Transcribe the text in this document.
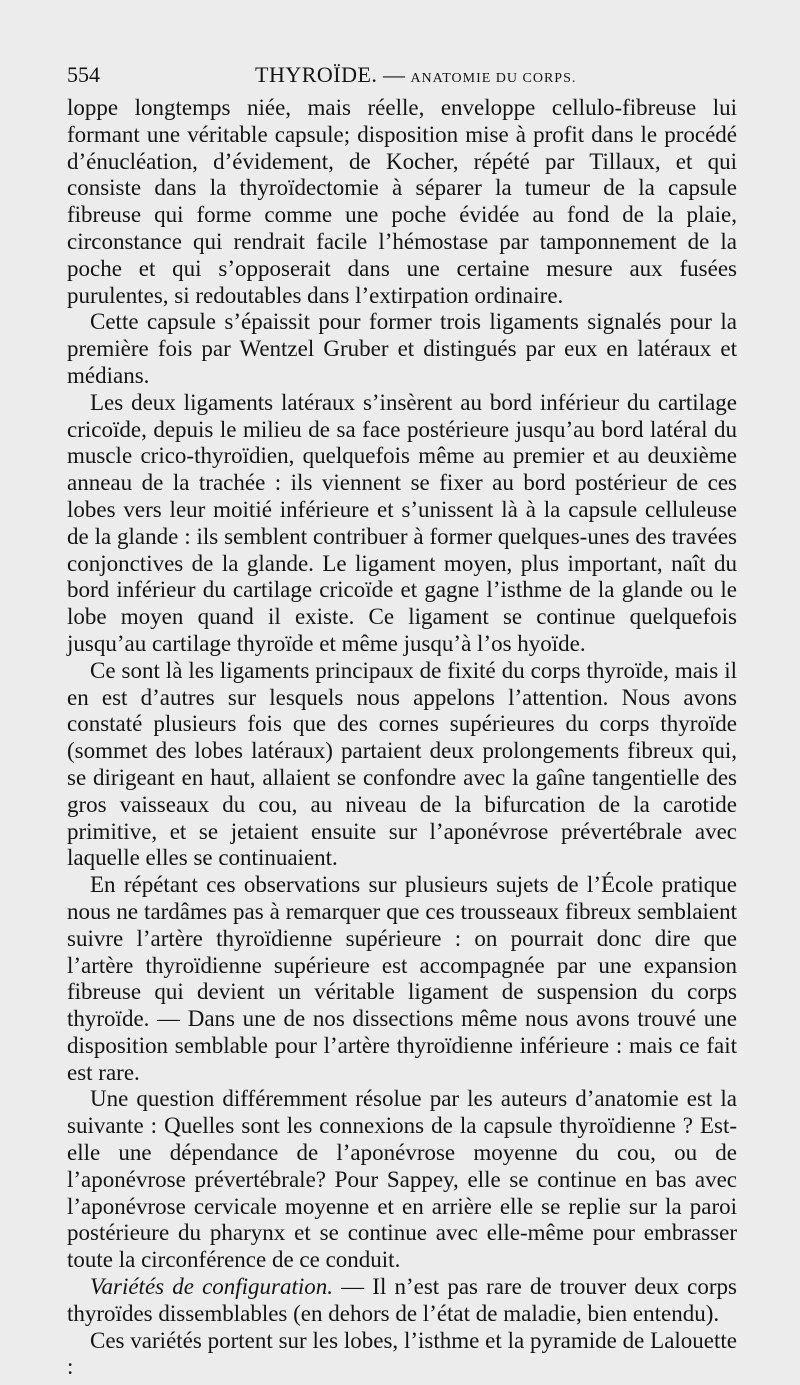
554	THYROÏDE. — ANATOMIE DU CORPS.

loppe longtemps niée, mais réelle, enveloppe cellulo-fibreuse lui formant une véritable capsule; disposition mise à profit dans le procédé d’énucléation, d’évidement, de Kocher, répété par Tillaux, et qui consiste dans la thyroïdectomie à séparer la tumeur de la capsule fibreuse qui forme comme une poche évidée au fond de la plaie, circonstance qui rendrait facile l’hémostase par tamponnement de la poche et qui s’opposerait dans une certaine mesure aux fusées purulentes, si redoutables dans l’extirpation ordinaire.

Cette capsule s’épaissit pour former trois ligaments signalés pour la première fois par Wentzel Gruber et distingués par eux en latéraux et médians.

Les deux ligaments latéraux s’insèrent au bord inférieur du cartilage cricoïde, depuis le milieu de sa face postérieure jusqu’au bord latéral du muscle crico-thyroïdien, quelquefois même au premier et au deuxième anneau de la trachée : ils viennent se fixer au bord postérieur de ces lobes vers leur moitié inférieure et s’unissent là à la capsule celluleuse de la glande : ils semblent contribuer à former quelques-unes des travées conjonctives de la glande. Le ligament moyen, plus important, naît du bord inférieur du cartilage cricoïde et gagne l’isthme de la glande ou le lobe moyen quand il existe. Ce ligament se continue quelquefois jusqu’au cartilage thyroïde et même jusqu’à l’os hyoïde.

Ce sont là les ligaments principaux de fixité du corps thyroïde, mais il en est d’autres sur lesquels nous appelons l’attention. Nous avons constaté plusieurs fois que des cornes supérieures du corps thyroïde (sommet des lobes latéraux) partaient deux prolongements fibreux qui, se dirigeant en haut, allaient se confondre avec la gaîne tangentielle des gros vaisseaux du cou, au niveau de la bifurcation de la carotide primitive, et se jetaient ensuite sur l’aponévrose prévertébrale avec laquelle elles se continuaient.

En répétant ces observations sur plusieurs sujets de l’École pratique nous ne tardâmes pas à remarquer que ces trousseaux fibreux semblaient suivre l’artère thyroïdienne supérieure : on pourrait donc dire que l’artère thyroïdienne supérieure est accompagnée par une expansion fibreuse qui devient un véritable ligament de suspension du corps thyroïde. — Dans une de nos dissections même nous avons trouvé une disposition semblable pour l’artère thyroïdienne inférieure : mais ce fait est rare.

Une question différemment résolue par les auteurs d’anatomie est la suivante : Quelles sont les connexions de la capsule thyroïdienne ? Est-elle une dépendance de l’aponévrose moyenne du cou, ou de l’aponévrose prévertébrale? Pour Sappey, elle se continue en bas avec l’aponévrose cervicale moyenne et en arrière elle se replie sur la paroi postérieure du pharynx et se continue avec elle-même pour embrasser toute la circonférence de ce conduit.

Variétés de configuration. — Il n’est pas rare de trouver deux corps thyroïdes dissemblables (en dehors de l’état de maladie, bien entendu).

Ces variétés portent sur les lobes, l’isthme et la pyramide de Lalouette :
